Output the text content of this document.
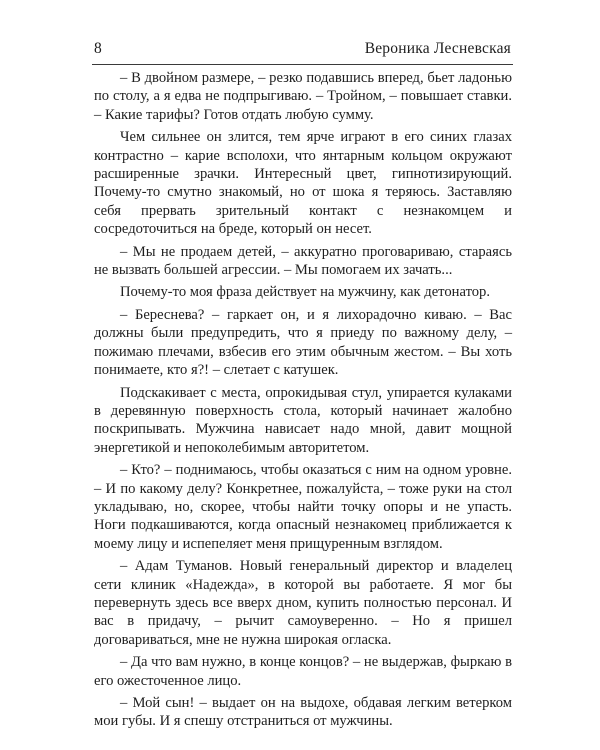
8	Вероника Лесневская

– В двойном размере, – резко подавшись вперед, бьет ладонью по столу, а я едва не подпрыгиваю. – Тройном, – повышает ставки. – Какие тарифы? Готов отдать любую сумму.

Чем сильнее он злится, тем ярче играют в его синих глазах контрастно – карие всполохи, что янтарным кольцом окружают расширенные зрачки. Интересный цвет, гипнотизирующий. Почему-то смутно знакомый, но от шока я теряюсь. Заставляю себя прервать зрительный контакт с незнакомцем и сосредоточиться на бреде, который он несет.

– Мы не продаем детей, – аккуратно проговариваю, стараясь не вызвать большей агрессии. – Мы помогаем их зачать...

Почему-то моя фраза действует на мужчину, как детонатор.

– Береснева? – гаркает он, и я лихорадочно киваю. – Вас должны были предупредить, что я приеду по важному делу, – пожимаю плечами, взбесив его этим обычным жестом. – Вы хоть понимаете, кто я?! – слетает с катушек.

Подскакивает с места, опрокидывая стул, упирается кулаками в деревянную поверхность стола, который начинает жалобно поскрипывать. Мужчина нависает надо мной, давит мощной энергетикой и непоколебимым авторитетом.

– Кто? – поднимаюсь, чтобы оказаться с ним на одном уровне. – И по какому делу? Конкретнее, пожалуйста, – тоже руки на стол укладываю, но, скорее, чтобы найти точку опоры и не упасть. Ноги подкашиваются, когда опасный незнакомец приближается к моему лицу и испепеляет меня прищуренным взглядом.

– Адам Туманов. Новый генеральный директор и владелец сети клиник «Надежда», в которой вы работаете. Я мог бы перевернуть здесь все вверх дном, купить полностью персонал. И вас в придачу, – рычит самоуверенно. – Но я пришел договариваться, мне не нужна широкая огласка.

– Да что вам нужно, в конце концов? – не выдержав, фыркаю в его ожесточенное лицо.

– Мой сын! – выдает он на выдохе, обдавая легким ветерком мои губы. И я спешу отстраниться от мужчины.
